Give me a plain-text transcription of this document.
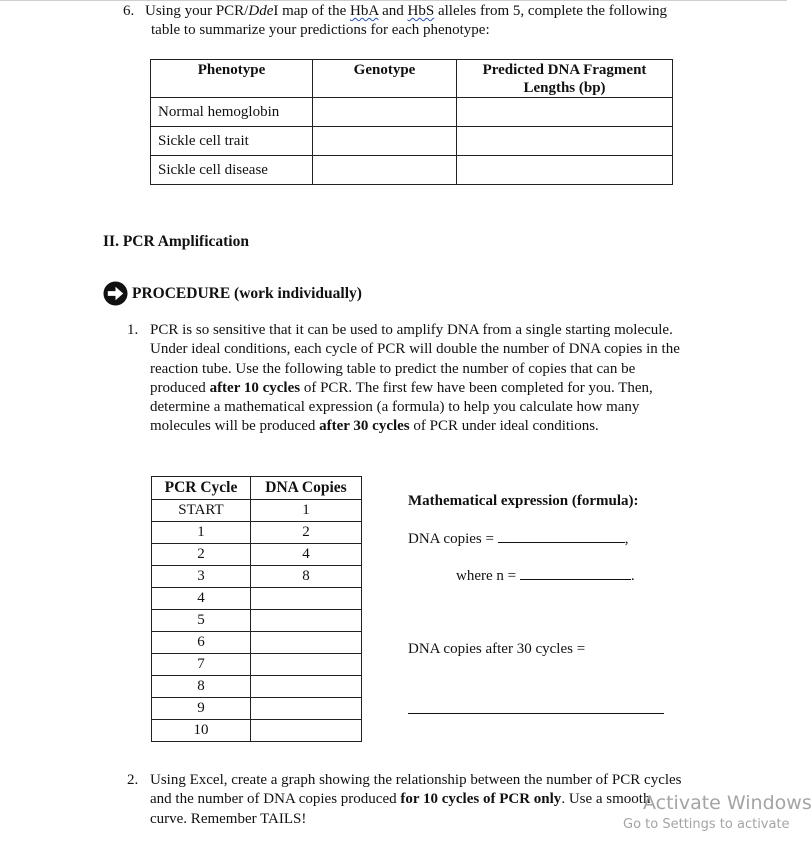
6. Using your PCR/DdeI map of the HbA and HbS alleles from 5, complete the following
table to summarize your predictions for each phenotype:
Phenotype	Genotype	Predicted DNA Fragment
Lengths (bp)
Normal hemoglobin		
Sickle cell trait		
Sickle cell disease		
II. PCR Amplification
PROCEDURE (work individually)
1. PCR is so sensitive that it can be used to amplify DNA from a single starting molecule.
Under ideal conditions, each cycle of PCR will double the number of DNA copies in the
reaction tube. Use the following table to predict the number of copies that can be
produced after 10 cycles of PCR. The first few have been completed for you. Then,
determine a mathematical expression (a formula) to help you calculate how many
molecules will be produced after 30 cycles of PCR under ideal conditions.
PCR Cycle	DNA Copies
START	1
1	2
2	4
3	8
4	
5	
6	
7	
8	
9	
10	
Mathematical expression (formula):
DNA copies =	,
where n =	.
DNA copies after 30 cycles =
2. Using Excel, create a graph showing the relationship between the number of PCR cycles
and the number of DNA copies produced for 10 cycles of PCR only. Use a smooth
curve. Remember TAILS!
Activate Windows
Go to Settings to activate
